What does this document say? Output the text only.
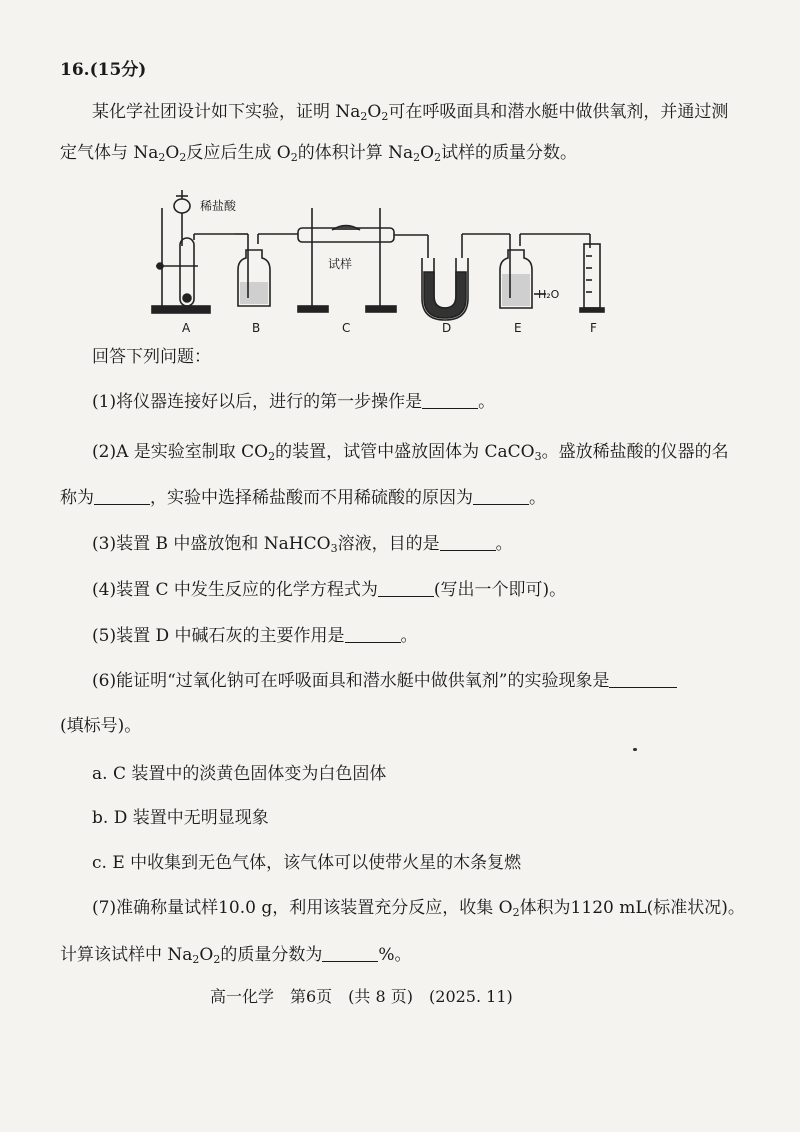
16.(15分)
某化学社团设计如下实验，证明 $Na_2O_2$可在呼吸面具和潜水艇中做供氧剂，并通过测
定气体与 $Na_2O_2$反应后生成 $O_2$的体积计算 $Na_2O_2$试样的质量分数。
稀盐酸
试样
H₂O
A	B	C	D	E	F
回答下列问题：
(1)将仪器连接好以后，进行的第一步操作是	。
(2)A 是实验室制取 $CO_2$的装置，试管中盛放固体为 CaCO$_3$。盛放稀盐酸的仪器的名
称为	，实验中选择稀盐酸而不用稀硫酸的原因为	。
(3)装置 B 中盛放饱和 NaHCO$_3$溶液，目的是	。
(4)装置 C 中发生反应的化学方程式为	(写出一个即可)。
(5)装置 D 中碱石灰的主要作用是	。
(6)能证明“过氧化钠可在呼吸面具和潜水艇中做供氧剂”的实验现象是
(填标号)。
a. C 装置中的淡黄色固体变为白色固体
b. D 装置中无明显现象
c. E 中收集到无色气体，该气体可以使带火星的木条复燃
(7)准确称量试样10.0 g，利用该装置充分反应，收集 $O_2$体积为1120 mL(标准状况)。
计算该试样中 $Na_2O_2$的质量分数为	%。
高一化学　第6页　(共 8 页)　(2025. 11)
